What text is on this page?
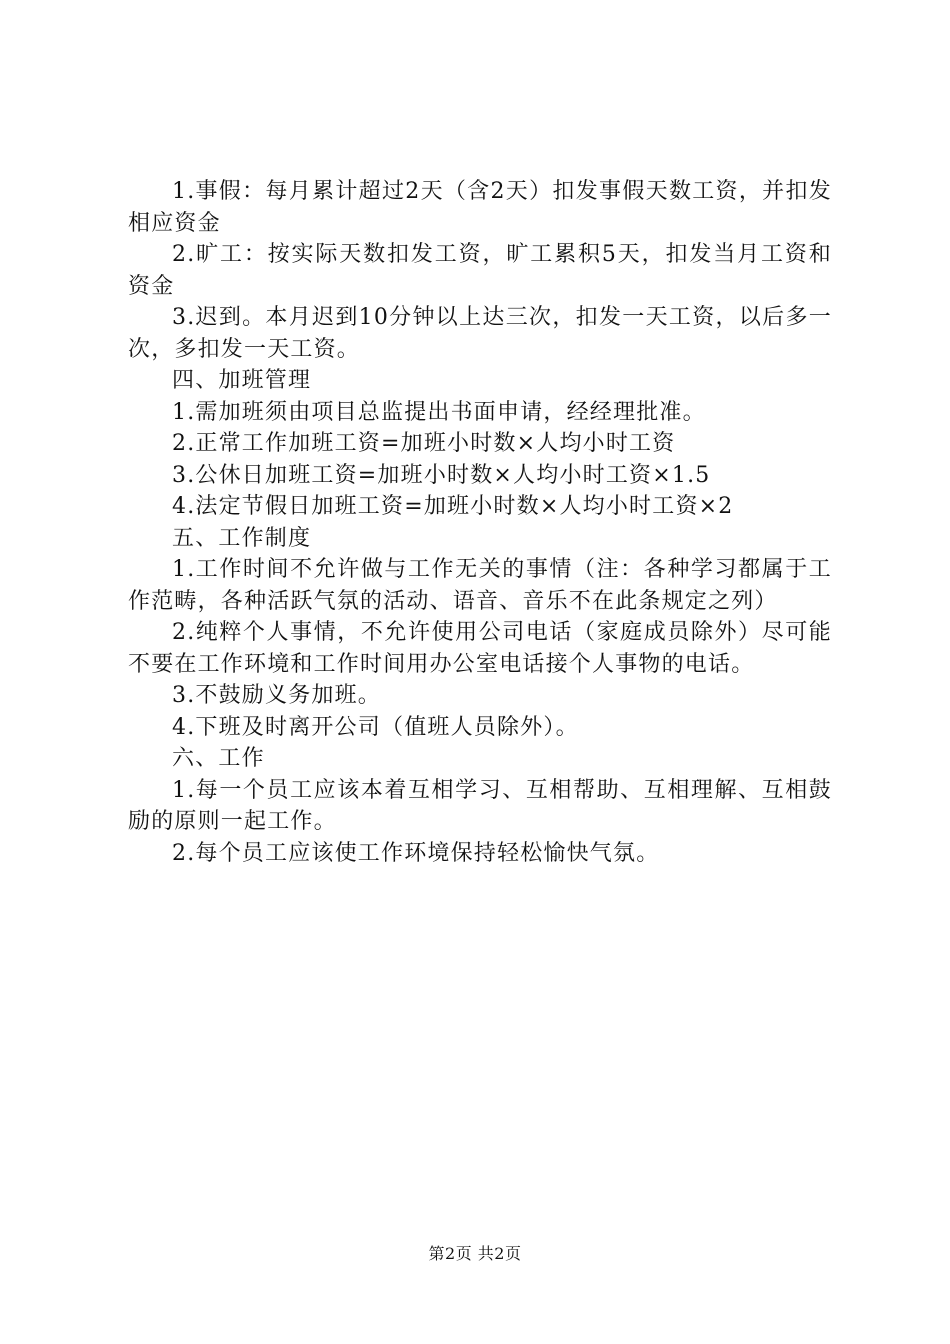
1.事假：每月累计超过2天（含2天）扣发事假天数工资，并扣发相应资金

2.旷工：按实际天数扣发工资，旷工累积5天，扣发当月工资和资金

3.迟到。本月迟到10分钟以上达三次，扣发一天工资，以后多一次，多扣发一天工资。

四、加班管理

1.需加班须由项目总监提出书面申请，经经理批准。

2.正常工作加班工资=加班小时数×人均小时工资

3.公休日加班工资=加班小时数×人均小时工资×1.5

4.法定节假日加班工资=加班小时数×人均小时工资×2

五、工作制度

1.工作时间不允许做与工作无关的事情（注：各种学习都属于工作范畴，各种活跃气氛的活动、语音、音乐不在此条规定之列）

2.纯粹个人事情，不允许使用公司电话（家庭成员除外）尽可能不要在工作环境和工作时间用办公室电话接个人事物的电话。

3.不鼓励义务加班。

4.下班及时离开公司（值班人员除外）。

六、工作

1.每一个员工应该本着互相学习、互相帮助、互相理解、互相鼓励的原则一起工作。

2.每个员工应该使工作环境保持轻松愉快气氛。

第2页 共2页
